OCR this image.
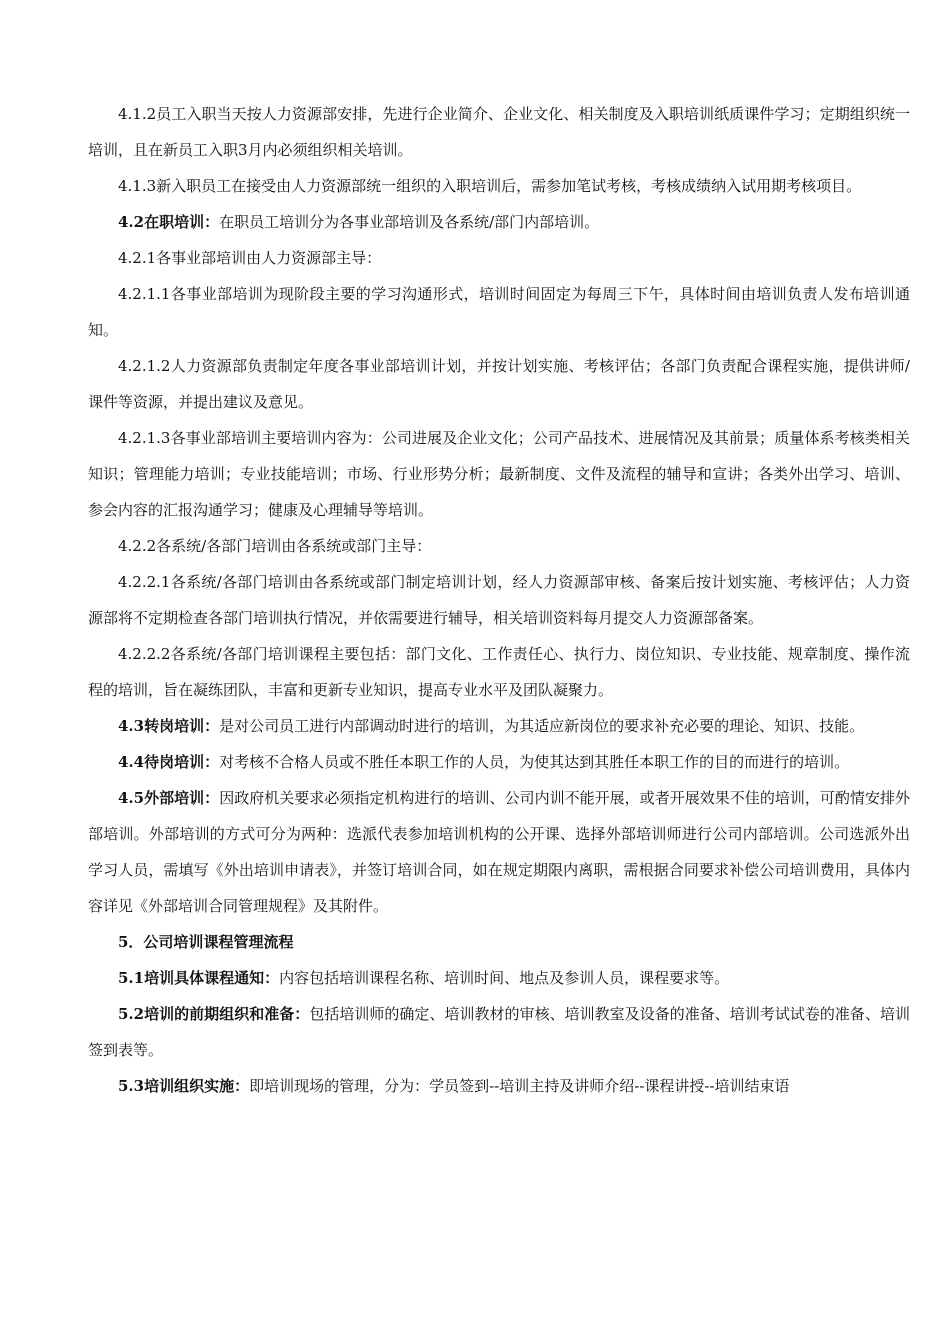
4.1.2员工入职当天按人力资源部安排，先进行企业简介、企业文化、相关制度及入职培训纸质课件学习；定期组织统一培训，且在新员工入职3月内必须组织相关培训。

4.1.3新入职员工在接受由人力资源部统一组织的入职培训后，需参加笔试考核，考核成绩纳入试用期考核项目。

4.2在职培训：在职员工培训分为各事业部培训及各系统/部门内部培训。

4.2.1各事业部培训由人力资源部主导：

4.2.1.1各事业部培训为现阶段主要的学习沟通形式，培训时间固定为每周三下午，具体时间由培训负责人发布培训通知。

4.2.1.2人力资源部负责制定年度各事业部培训计划，并按计划实施、考核评估；各部门负责配合课程实施，提供讲师/课件等资源，并提出建议及意见。

4.2.1.3各事业部培训主要培训内容为：公司进展及企业文化；公司产品技术、进展情况及其前景；质量体系考核类相关知识；管理能力培训；专业技能培训；市场、行业形势分析；最新制度、文件及流程的辅导和宣讲；各类外出学习、培训、参会内容的汇报沟通学习；健康及心理辅导等培训。

4.2.2各系统/各部门培训由各系统或部门主导：

4.2.2.1各系统/各部门培训由各系统或部门制定培训计划，经人力资源部审核、备案后按计划实施、考核评估；人力资源部将不定期检查各部门培训执行情况，并依需要进行辅导，相关培训资料每月提交人力资源部备案。

4.2.2.2各系统/各部门培训课程主要包括：部门文化、工作责任心、执行力、岗位知识、专业技能、规章制度、操作流程的培训，旨在凝练团队，丰富和更新专业知识，提高专业水平及团队凝聚力。

4.3转岗培训：是对公司员工进行内部调动时进行的培训，为其适应新岗位的要求补充必要的理论、知识、技能。

4.4待岗培训：对考核不合格人员或不胜任本职工作的人员，为使其达到其胜任本职工作的目的而进行的培训。

4.5外部培训：因政府机关要求必须指定机构进行的培训、公司内训不能开展，或者开展效果不佳的培训，可酌情安排外部培训。外部培训的方式可分为两种：选派代表参加培训机构的公开课、选择外部培训师进行公司内部培训。公司选派外出学习人员，需填写《外出培训申请表》，并签订培训合同，如在规定期限内离职，需根据合同要求补偿公司培训费用，具体内容详见《外部培训合同管理规程》及其附件。

5．公司培训课程管理流程

5.1培训具体课程通知：内容包括培训课程名称、培训时间、地点及参训人员，课程要求等。

5.2培训的前期组织和准备：包括培训师的确定、培训教材的审核、培训教室及设备的准备、培训考试试卷的准备、培训签到表等。

5.3培训组织实施：即培训现场的管理，分为：学员签到--培训主持及讲师介绍--课程讲授--培训结束语
